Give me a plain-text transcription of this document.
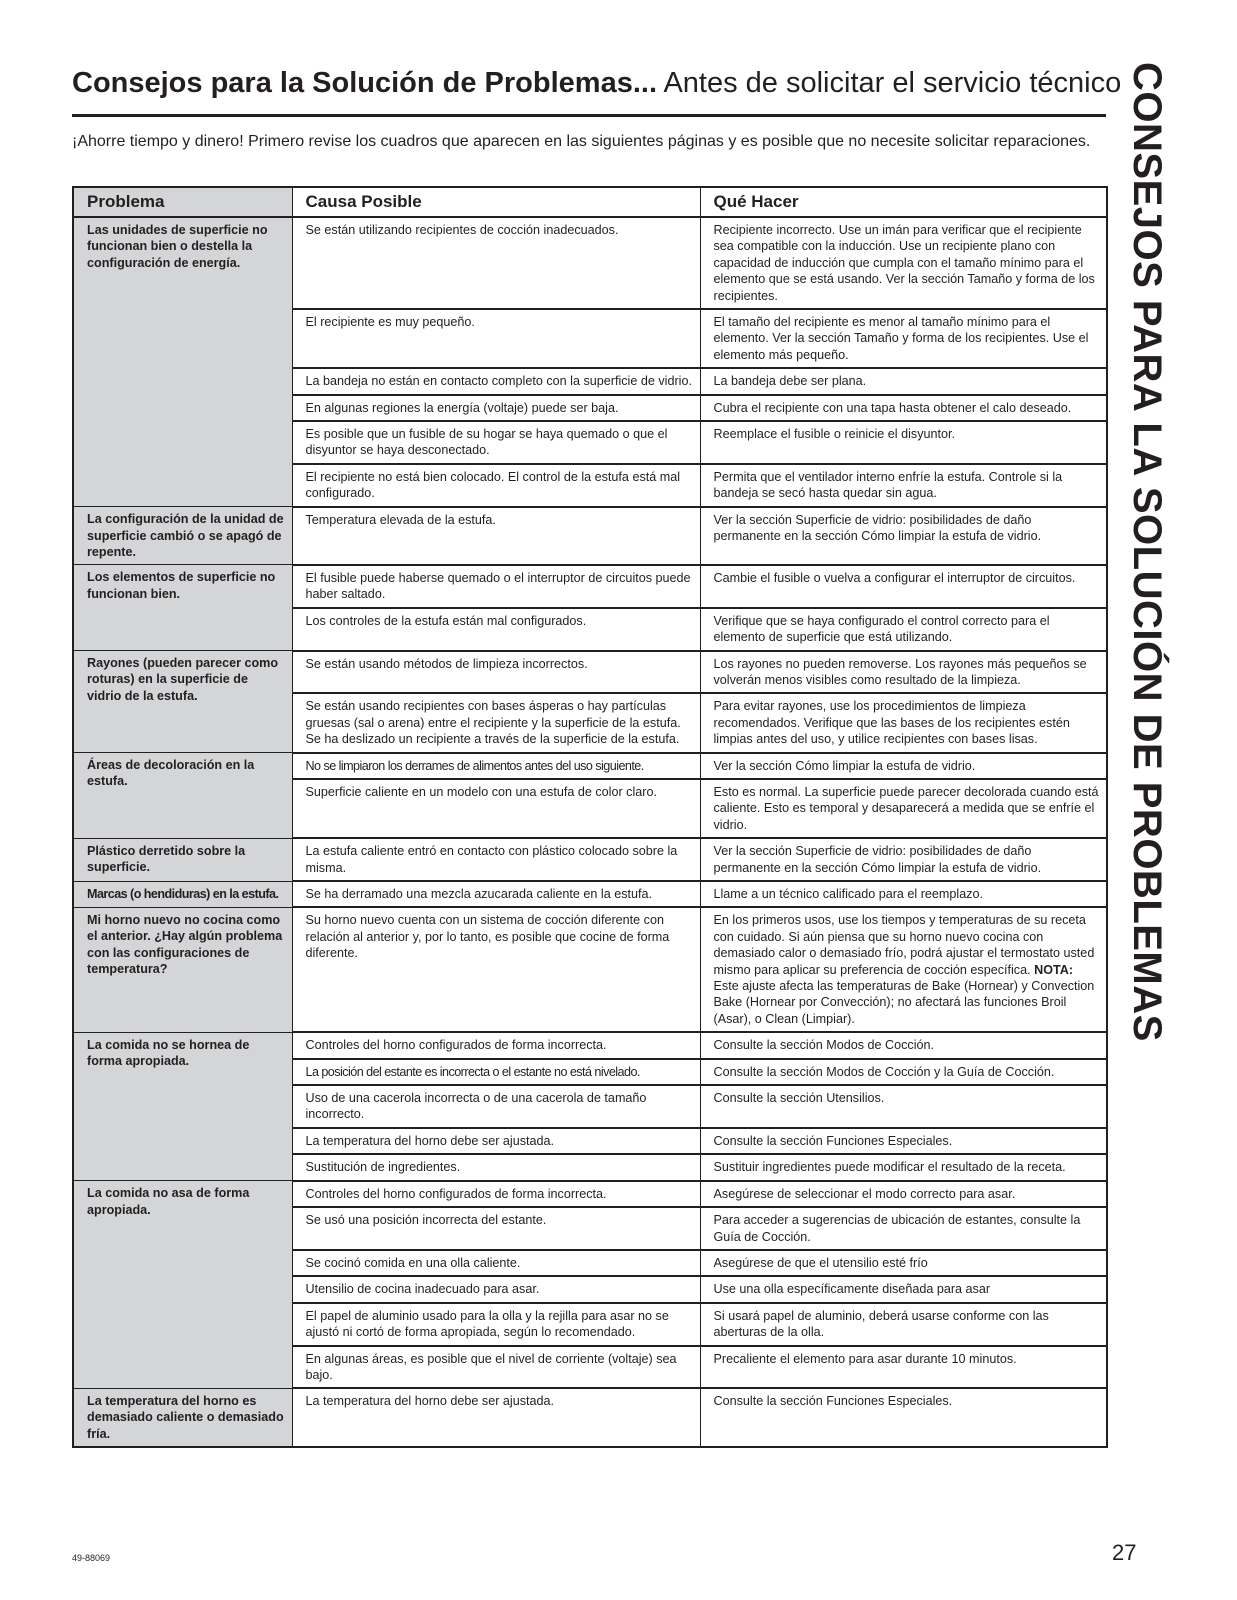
Consejos para la Solución de Problemas... Antes de solicitar el servicio técnico
¡Ahorre tiempo y dinero! Primero revise los cuadros que aparecen en las siguientes páginas y es posible que no necesite solicitar reparaciones. CONSEJOS PARA LA SOLUCIÓN DE PROBLEMAS
Problema	Causa Posible	Qué Hacer
Las unidades de superficie no funcionan bien o destella la configuración de energía.	Se están utilizando recipientes de cocción inadecuados.	Recipiente incorrecto. Use un imán para verificar que el recipiente sea compatible con la inducción. Use un recipiente plano con capacidad de inducción que cumpla con el tamaño mínimo para el elemento que se está usando. Ver la sección Tamaño y forma de los recipientes.
	El recipiente es muy pequeño.	El tamaño del recipiente es menor al tamaño mínimo para el elemento. Ver la sección Tamaño y forma de los recipientes. Use el elemento más pequeño.
	La bandeja no están en contacto completo con la superficie de vidrio.	La bandeja debe ser plana.
	En algunas regiones la energía (voltaje) puede ser baja.	Cubra el recipiente con una tapa hasta obtener el calo deseado.
	Es posible que un fusible de su hogar se haya quemado o que el disyuntor se haya desconectado.	Reemplace el fusible o reinicie el disyuntor.
	El recipiente no está bien colocado. El control de la estufa está mal configurado.	Permita que el ventilador interno enfríe la estufa. Controle si la bandeja se secó hasta quedar sin agua.
La configuración de la unidad de superficie cambió o se apagó de repente.	Temperatura elevada de la estufa.	Ver la sección Superficie de vidrio: posibilidades de daño permanente en la sección Cómo limpiar la estufa de vidrio.
Los elementos de superficie no funcionan bien.	El fusible puede haberse quemado o el interruptor de circuitos puede haber saltado.	Cambie el fusible o vuelva a configurar el interruptor de circuitos.
	Los controles de la estufa están mal configurados.	Verifique que se haya configurado el control correcto para el elemento de superficie que está utilizando.
Rayones (pueden parecer como roturas) en la superficie de vidrio de la estufa.	Se están usando métodos de limpieza incorrectos.	Los rayones no pueden removerse. Los rayones más pequeños se volverán menos visibles como resultado de la limpieza.
	Se están usando recipientes con bases ásperas o hay partículas gruesas (sal o arena) entre el recipiente y la superficie de la estufa. Se ha deslizado un recipiente a través de la superficie de la estufa.	Para evitar rayones, use los procedimientos de limpieza recomendados. Verifique que las bases de los recipientes estén limpias antes del uso, y utilice recipientes con bases lisas.
Áreas de decoloración en la estufa.	No se limpiaron los derrames de alimentos antes del uso siguiente.	Ver la sección Cómo limpiar la estufa de vidrio.
	Superficie caliente en un modelo con una estufa de color claro.	Esto es normal. La superficie puede parecer decolorada cuando está caliente. Esto es temporal y desaparecerá a medida que se enfríe el vidrio.
Plástico derretido sobre la superficie.	La estufa caliente entró en contacto con plástico colocado sobre la misma.	Ver la sección Superficie de vidrio: posibilidades de daño permanente en la sección Cómo limpiar la estufa de vidrio.
Marcas (o hendiduras) en la estufa.	Se ha derramado una mezcla azucarada caliente en la estufa.	Llame a un técnico calificado para el reemplazo.
Mi horno nuevo no cocina como el anterior. ¿Hay algún problema con las configuraciones de temperatura?	Su horno nuevo cuenta con un sistema de cocción diferente con relación al anterior y, por lo tanto, es posible que cocine de forma diferente.	En los primeros usos, use los tiempos y temperaturas de su receta con cuidado. Si aún piensa que su horno nuevo cocina con demasiado calor o demasiado frío, podrá ajustar el termostato usted mismo para aplicar su preferencia de cocción específica. NOTA: Este ajuste afecta las temperaturas de Bake (Hornear) y Convection Bake (Hornear por Convección); no afectará las funciones Broil (Asar), o Clean (Limpiar).
La comida no se hornea de forma apropiada.	Controles del horno configurados de forma incorrecta.	Consulte la sección Modos de Cocción.
	La posición del estante es incorrecta o el estante no está nivelado.	Consulte la sección Modos de Cocción y la Guía de Cocción.
	Uso de una cacerola incorrecta o de una cacerola de tamaño incorrecto.	Consulte la sección Utensilios.
	La temperatura del horno debe ser ajustada.	Consulte la sección Funciones Especiales.
	Sustitución de ingredientes.	Sustituir ingredientes puede modificar el resultado de la receta.
La comida no asa de forma apropiada.	Controles del horno configurados de forma incorrecta.	Asegúrese de seleccionar el modo correcto para asar.
	Se usó una posición incorrecta del estante.	Para acceder a sugerencias de ubicación de estantes, consulte la Guía de Cocción.
	Se cocinó comida en una olla caliente.	Asegúrese de que el utensilio esté frío
	Utensilio de cocina inadecuado para asar.	Use una olla específicamente diseñada para asar
	El papel de aluminio usado para la olla y la rejilla para asar no se ajustó ni cortó de forma apropiada, según lo recomendado.	Si usará papel de aluminio, deberá usarse conforme con las aberturas de la olla.
	En algunas áreas, es posible que el nivel de corriente (voltaje) sea bajo.	Precaliente el elemento para asar durante 10 minutos.
La temperatura del horno es demasiado caliente o demasiado fría.	La temperatura del horno debe ser ajustada.	Consulte la sección Funciones Especiales.
49-88069	27
